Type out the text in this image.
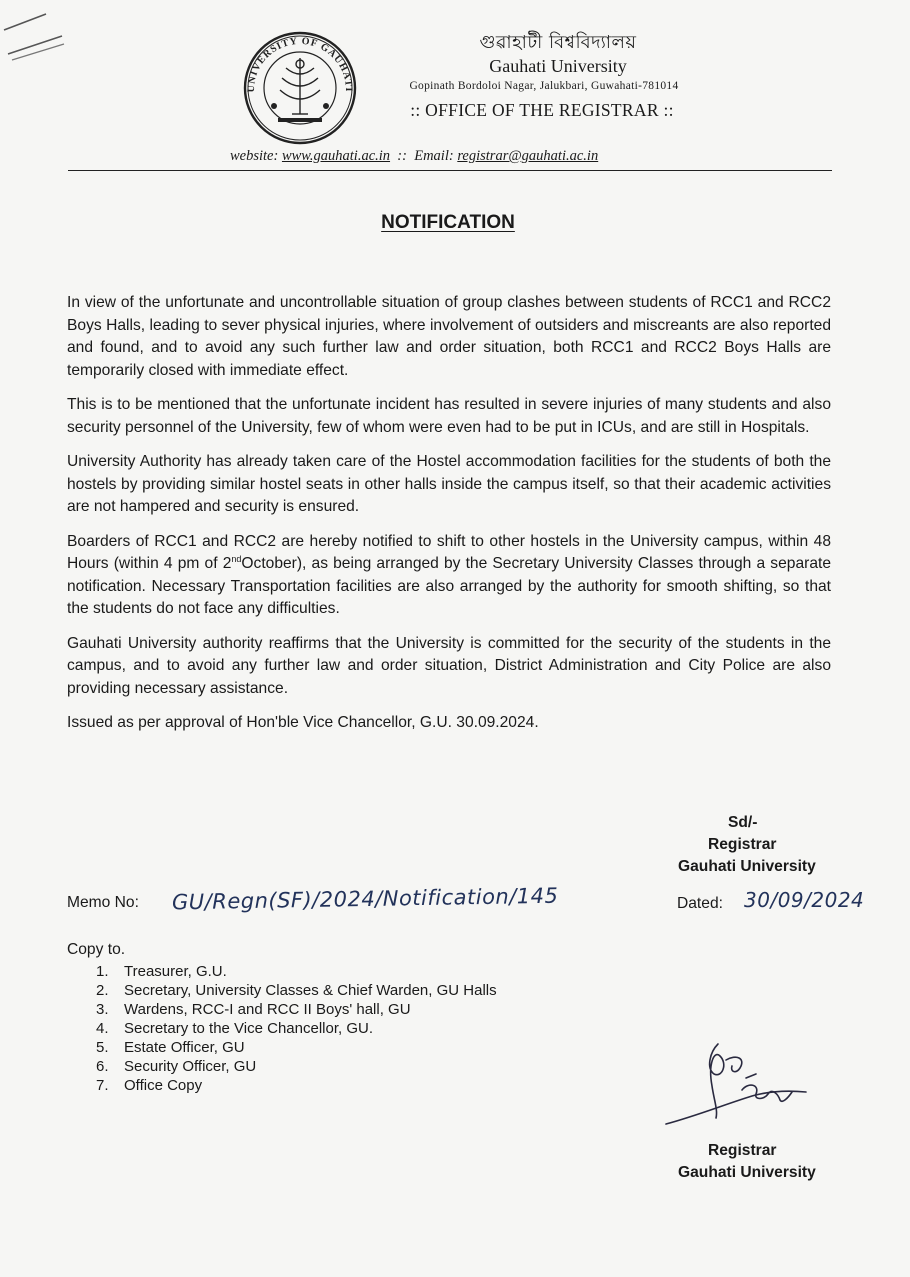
UNIVERSITY OF GAUHATI
গুৱাহাটী বিশ্ববিদ্যালয়
Gauhati University
Gopinath Bordoloi Nagar, Jalukbari, Guwahati-781014
:: OFFICE OF THE REGISTRAR ::
website: www.gauhati.ac.in :: Email: registrar@gauhati.ac.in
NOTIFICATION

In view of the unfortunate and uncontrollable situation of group clashes between students of RCC1 and RCC2 Boys Halls, leading to sever physical injuries, where involvement of outsiders and miscreants are also reported and found, and to avoid any such further law and order situation, both RCC1 and RCC2 Boys Halls are temporarily closed with immediate effect.

This is to be mentioned that the unfortunate incident has resulted in severe injuries of many students and also security personnel of the University, few of whom were even had to be put in ICUs, and are still in Hospitals.

University Authority has already taken care of the Hostel accommodation facilities for the students of both the hostels by providing similar hostel seats in other halls inside the campus itself, so that their academic activities are not hampered and security is ensured.

Boarders of RCC1 and RCC2 are hereby notified to shift to other hostels in the University campus, within 48 Hours (within 4 pm of 2ndOctober), as being arranged by the Secretary University Classes through a separate notification. Necessary Transportation facilities are also arranged by the authority for smooth shifting, so that the students do not face any difficulties.

Gauhati University authority reaffirms that the University is committed for the security of the students in the campus, and to avoid any further law and order situation, District Administration and City Police are also providing necessary assistance.

Issued as per approval of Hon'ble Vice Chancellor, G.U. 30.09.2024.

Sd/-
Registrar
Gauhati University
Memo No: GU/Regn(SF)/2024/Notification/145	Dated: 30/09/2024
Copy to.
1. Treasurer, G.U.
2. Secretary, University Classes & Chief Warden, GU Halls
3. Wardens, RCC-I and RCC II Boys' hall, GU
4. Secretary to the Vice Chancellor, GU.
5. Estate Officer, GU
6. Security Officer, GU
7. Office Copy
Registrar
Gauhati University
